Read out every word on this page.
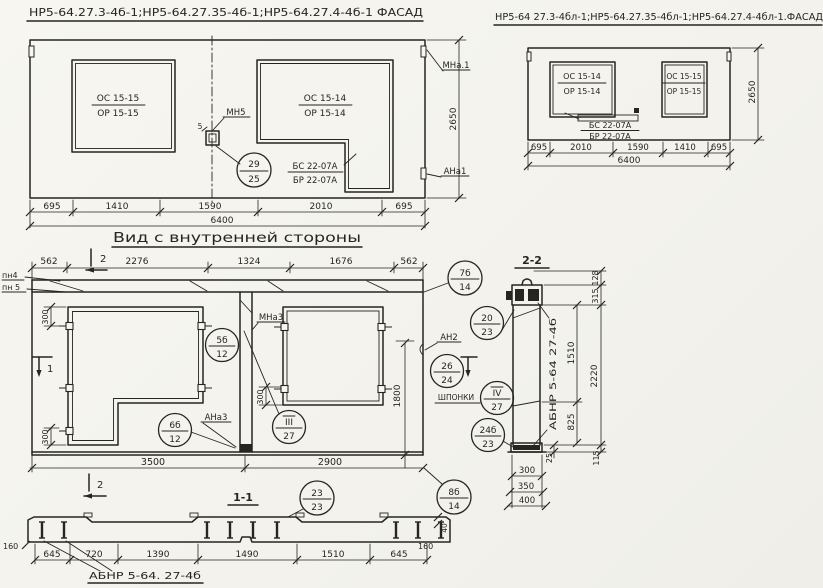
НР5-64.27.3-4б-1;НР5-64.27.35-4б-1;НР5-64.27.4-4б-1 ФАСАД
ОС 15-15
ОР 15-15
ОС 15-14
ОР 15-14
5
МН5
29
25
БС 22-07А
БР 22-07А
МНа.1
АНа1
2650
695	1410	1590	2010	695
6400
НР5-64 27.3-4бл-1;НР5-64.27.35-4бл-1;НР5-64.27.4-4бл-1.ФАСАД
ОС 15-14
ОР 15-14
ОС 15-15
ОР 15-15
БС 22-07А
БР 22-07А
2650
695	2010	1590	1410 695
6400
Вид с внутренней стороны
562	2276	1324	1676	562
2
пн4
пн 5
1
300
300
300	1800
МНа3
АНа3
АН2
ШПОНКИ
5б
12
6б
12
III
27
7б
14
20
23
26
24
IV
27
24б
23
8б
14
3500	2900
2
2-2
АБНР 5-64 27-4б
128
315
2220
115
1510
825
25
300
350
400
1-1	23
23
645	720	1390	1490	1510	645
160	160
40
АБНР 5-64. 27-4б
